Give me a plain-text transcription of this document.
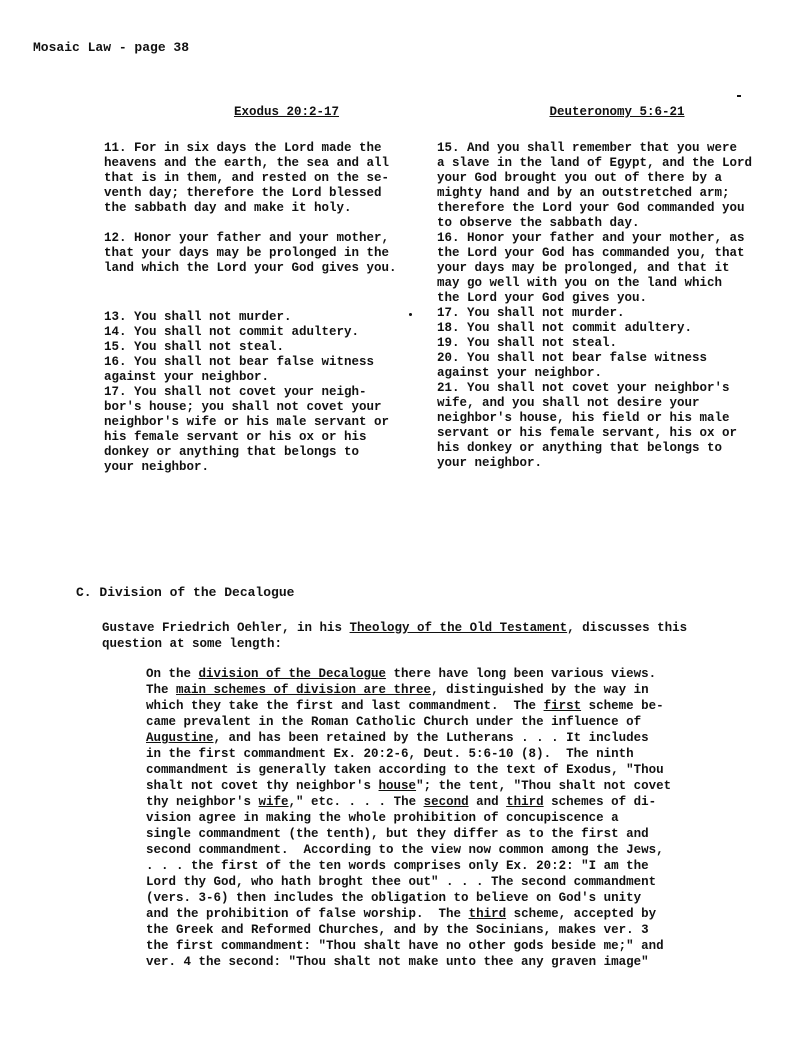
Mosaic Law - page 38
Exodus 20:2-17
11. For in six days the Lord made the
heavens and the earth, the sea and all
that is in them, and rested on the se-
venth day; therefore the Lord blessed
the sabbath day and make it holy.
12. Honor your father and your mother,
that your days may be prolonged in the
land which the Lord your God gives you.
13. You shall not murder.
14. You shall not commit adultery.
15. You shall not steal.
16. You shall not bear false witness
against your neighbor.
17. You shall not covet your neigh-
bor's house; you shall not covet your
neighbor's wife or his male servant or
his female servant or his ox or his
donkey or anything that belongs to
your neighbor.
Deuteronomy 5:6-21
15. And you shall remember that you were
a slave in the land of Egypt, and the Lord
your God brought you out of there by a
mighty hand and by an outstretched arm;
therefore the Lord your God commanded you
to observe the sabbath day.
16. Honor your father and your mother, as
the Lord your God has commanded you, that
your days may be prolonged, and that it
may go well with you on the land which
the Lord your God gives you.
17. You shall not murder.
18. You shall not commit adultery.
19. You shall not steal.
20. You shall not bear false witness
against your neighbor.
21. You shall not covet your neighbor's
wife, and you shall not desire your
neighbor's house, his field or his male
servant or his female servant, his ox or
his donkey or anything that belongs to
your neighbor.
C. Division of the Decalogue
Gustave Friedrich Oehler, in his Theology of the Old Testament, discusses this
question at some length:
On the division of the Decalogue there have long been various views.
The main schemes of division are three, distinguished by the way in
which they take the first and last commandment.  The first scheme be-
came prevalent in the Roman Catholic Church under the influence of
Augustine, and has been retained by the Lutherans . . . It includes
in the first commandment Ex. 20:2-6, Deut. 5:6-10 (8).  The ninth
commandment is generally taken according to the text of Exodus, "Thou
shalt not covet thy neighbor's house"; the tent, "Thou shalt not covet
thy neighbor's wife," etc. . . . The second and third schemes of di-
vision agree in making the whole prohibition of concupiscence a
single commandment (the tenth), but they differ as to the first and
second commandment.  According to the view now common among the Jews,
. . . the first of the ten words comprises only Ex. 20:2: "I am the
Lord thy God, who hath broght thee out" . . . The second commandment
(vers. 3-6) then includes the obligation to believe on God's unity
and the prohibition of false worship.  The third scheme, accepted by
the Greek and Reformed Churches, and by the Socinians, makes ver. 3
the first commandment: "Thou shalt have no other gods beside me;" and
ver. 4 the second: "Thou shalt not make unto thee any graven image"
